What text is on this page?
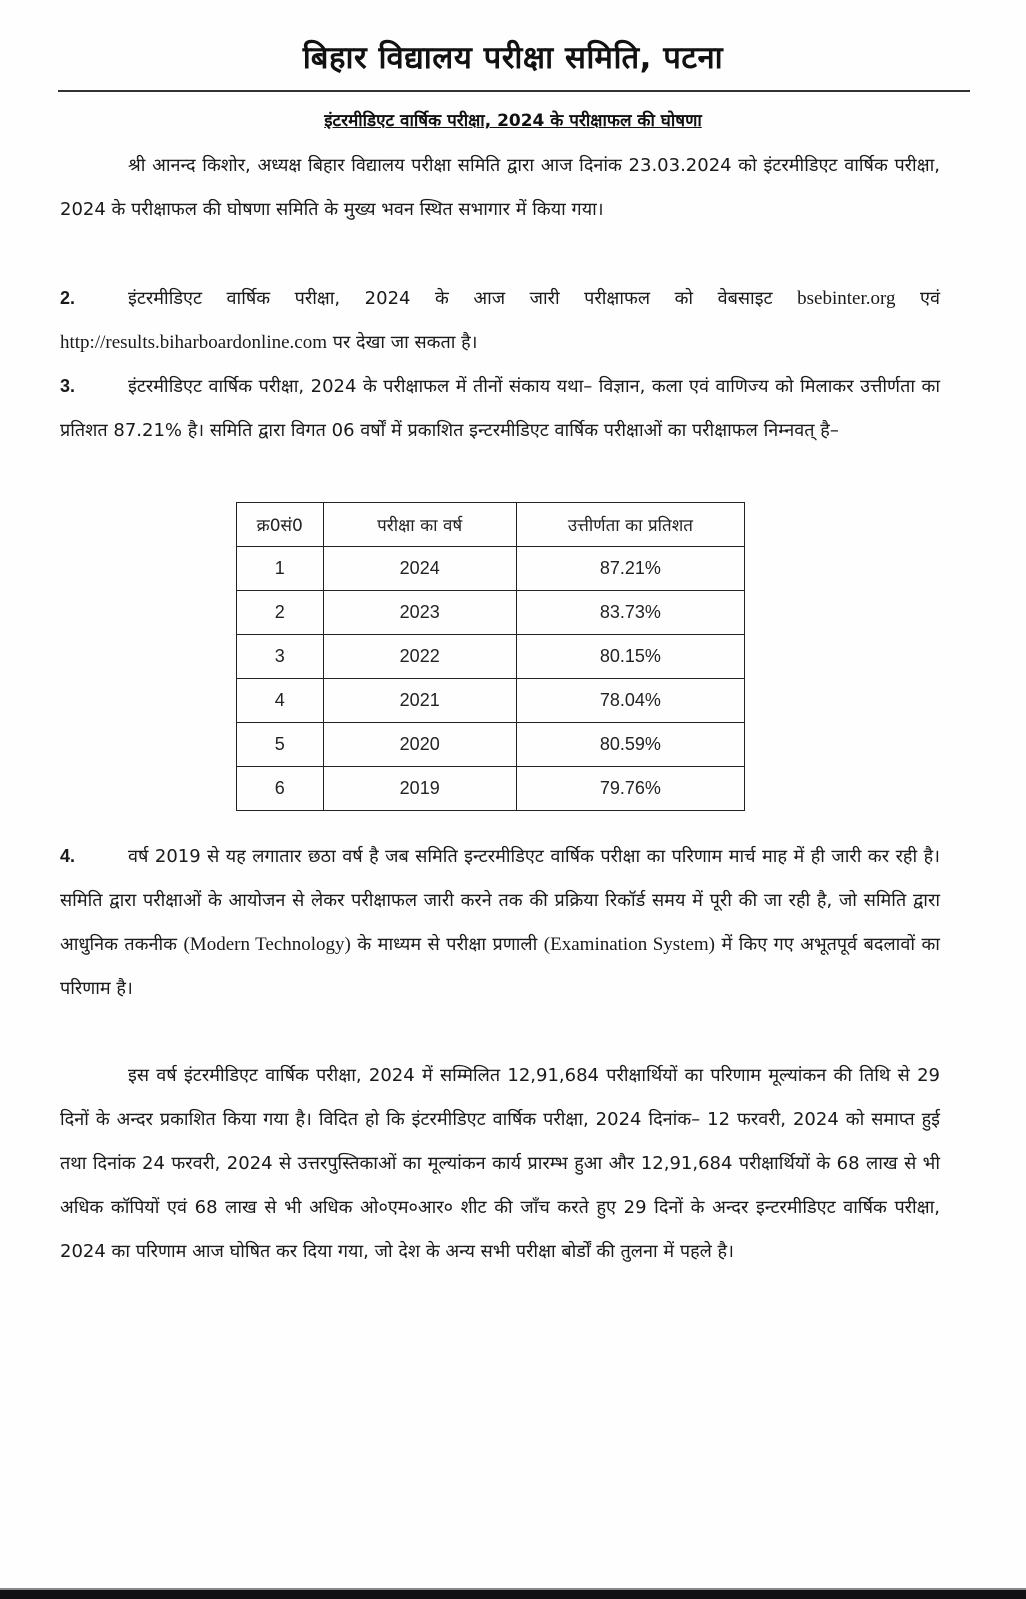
बिहार विद्यालय परीक्षा समिति, पटना
इंटरमीडिएट वार्षिक परीक्षा, 2024 के परीक्षाफल की घोषणा
श्री आनन्द किशोर, अध्यक्ष बिहार विद्यालय परीक्षा समिति द्वारा आज दिनांक 23.03.2024 को इंटरमीडिएट वार्षिक परीक्षा, 2024 के परीक्षाफल की घोषणा समिति के मुख्य भवन स्थित सभागार में किया गया।
2.	इंटरमीडिएट वार्षिक परीक्षा, 2024 के आज जारी परीक्षाफल को वेबसाइट bsebinter.org एवं http://results.biharboardonline.com पर देखा जा सकता है।
3.	इंटरमीडिएट वार्षिक परीक्षा, 2024 के परीक्षाफल में तीनों संकाय यथा– विज्ञान, कला एवं वाणिज्य को मिलाकर उत्तीर्णता का प्रतिशत 87.21% है। समिति द्वारा विगत 06 वर्षों में प्रकाशित इन्टरमीडिएट वार्षिक परीक्षाओं का परीक्षाफल निम्नवत् है–
क्र0सं0	परीक्षा का वर्ष	उत्तीर्णता का प्रतिशत
1	2024	87.21%
2	2023	83.73%
3	2022	80.15%
4	2021	78.04%
5	2020	80.59%
6	2019	79.76%
4.	वर्ष 2019 से यह लगातार छठा वर्ष है जब समिति इन्टरमीडिएट वार्षिक परीक्षा का परिणाम मार्च माह में ही जारी कर रही है। समिति द्वारा परीक्षाओं के आयोजन से लेकर परीक्षाफल जारी करने तक की प्रक्रिया रिकॉर्ड समय में पूरी की जा रही है, जो समिति द्वारा आधुनिक तकनीक (Modern Technology) के माध्यम से परीक्षा प्रणाली (Examination System) में किए गए अभूतपूर्व बदलावों का परिणाम है।
इस वर्ष इंटरमीडिएट वार्षिक परीक्षा, 2024 में सम्मिलित 12,91,684 परीक्षार्थियों का परिणाम मूल्यांकन की तिथि से 29 दिनों के अन्दर प्रकाशित किया गया है। विदित हो कि इंटरमीडिएट वार्षिक परीक्षा, 2024 दिनांक– 12 फरवरी, 2024 को समाप्त हुई तथा दिनांक 24 फरवरी, 2024 से उत्तरपुस्तिकाओं का मूल्यांकन कार्य प्रारम्भ हुआ और 12,91,684 परीक्षार्थियों के 68 लाख से भी अधिक कॉपियों एवं 68 लाख से भी अधिक ओ०एम०आर० शीट की जाँच करते हुए 29 दिनों के अन्दर इन्टरमीडिएट वार्षिक परीक्षा, 2024 का परिणाम आज घोषित कर दिया गया, जो देश के अन्य सभी परीक्षा बोर्डों की तुलना में पहले है।
